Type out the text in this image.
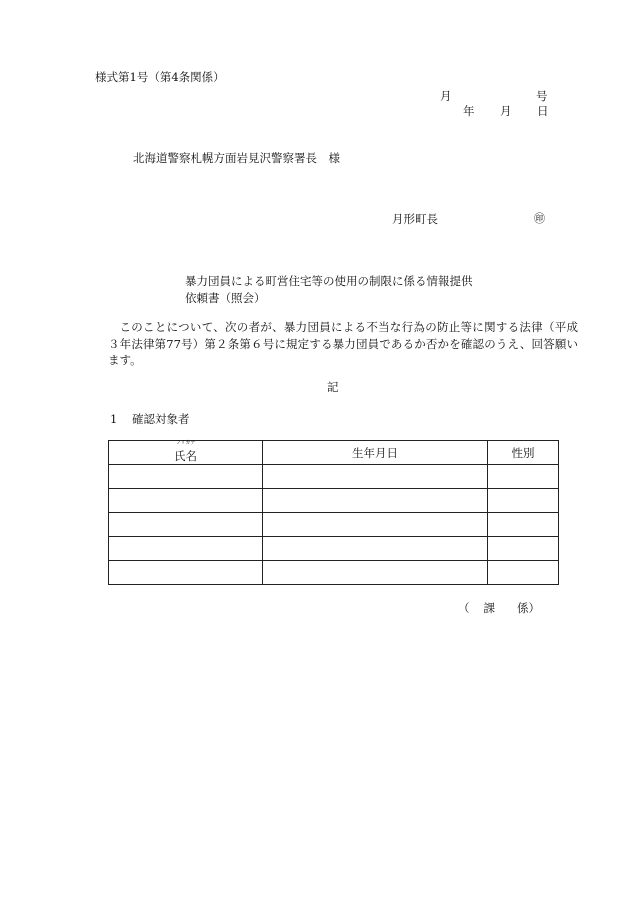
様式第1号（第4条関係）
月	号
年 月 日
北海道警察札幌方面岩見沢警察署長　様
月形町長	㊞
暴力団員による町営住宅等の使用の制限に係る情報提供
依頼書（照会）
このことについて、次の者が、暴力団員による不当な行為の防止等に関する法律（平成３年法律第77号）第２条第６号に規定する暴力団員であるか否かを確認のうえ、回答願います。
記
1 確認対象者
フリガナ
氏名	生年月日	性別

（ 課 係）
